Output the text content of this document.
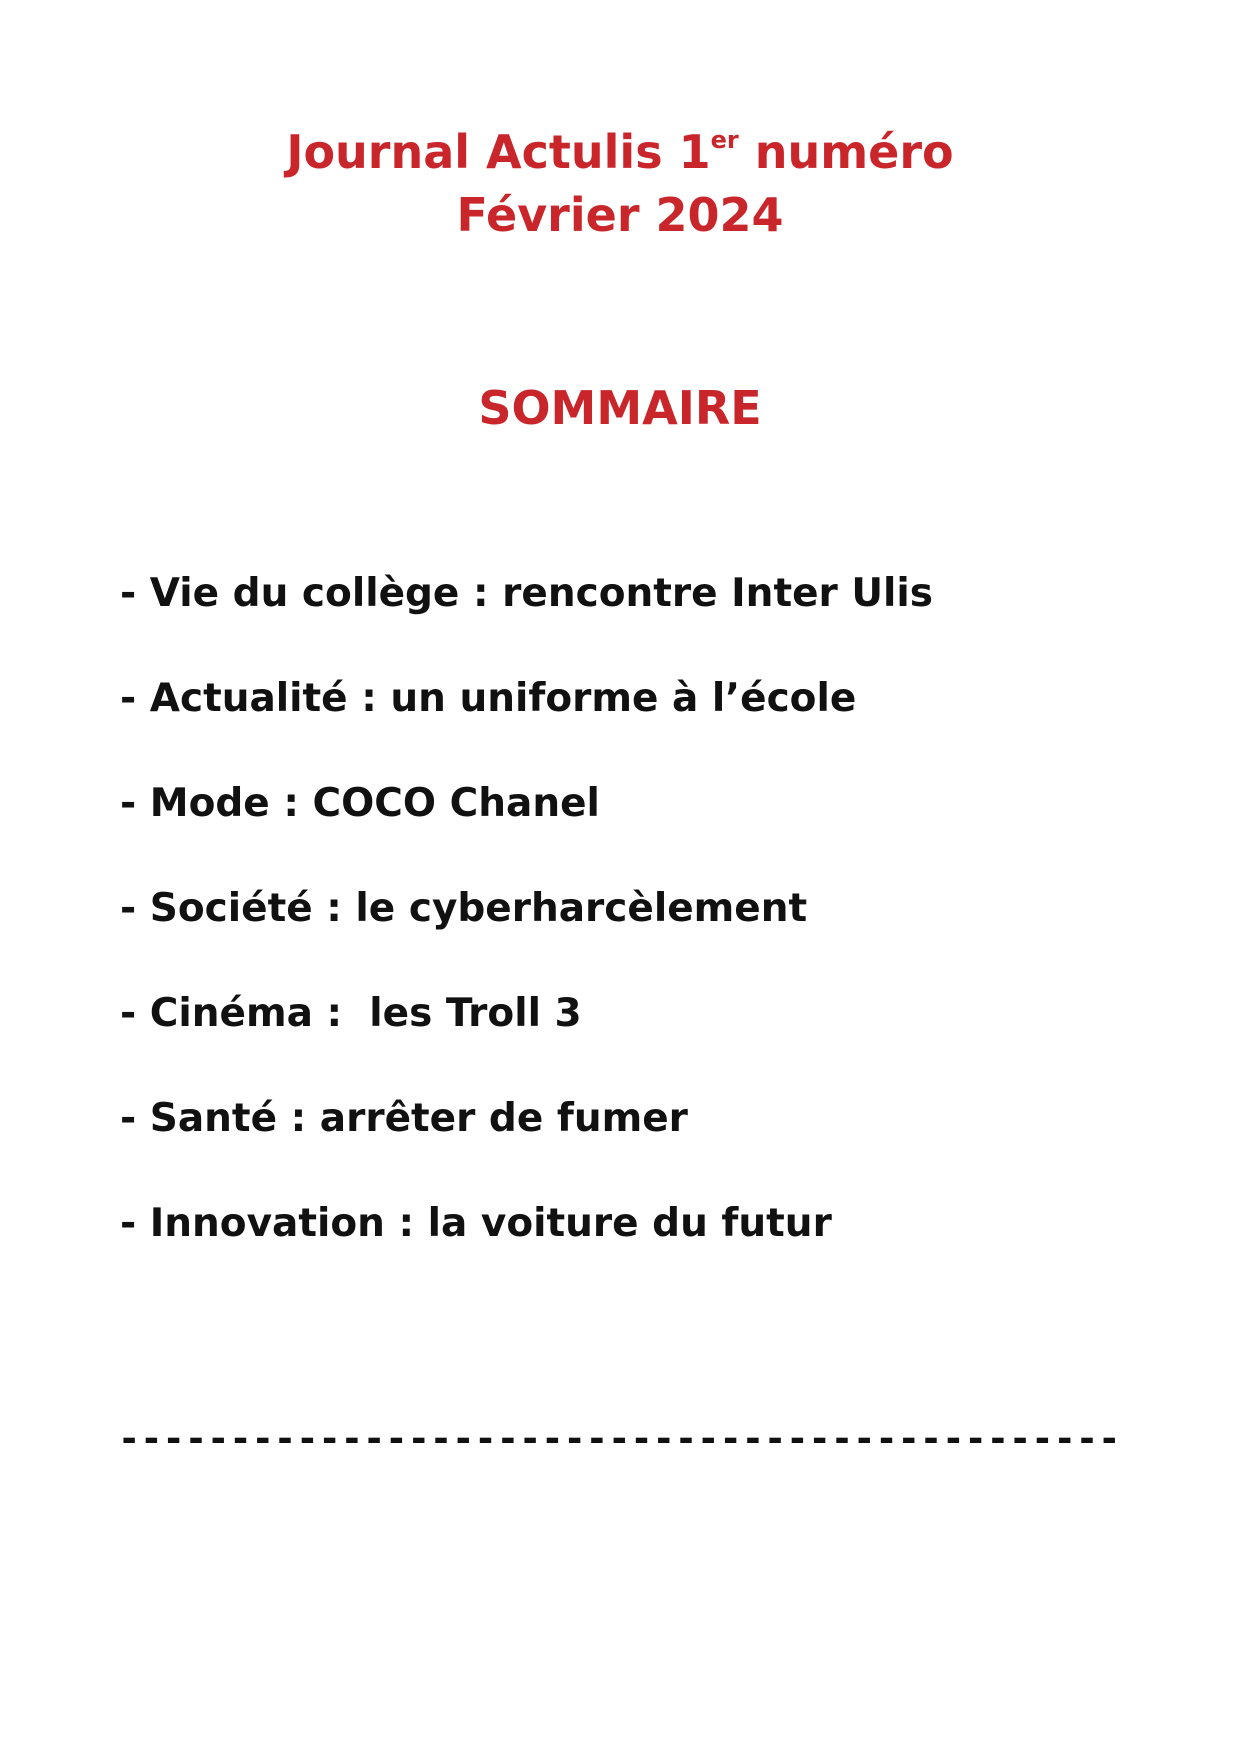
Journal Actulis 1er numéro
Février 2024
SOMMAIRE
- Vie du collège : rencontre Inter Ulis
- Actualité : un uniforme à l’école
- Mode : COCO Chanel
- Société : le cyberharcèlement
- Cinéma :  les Troll 3
- Santé : arrêter de fumer
- Innovation : la voiture du futur
---------------------------------------------
